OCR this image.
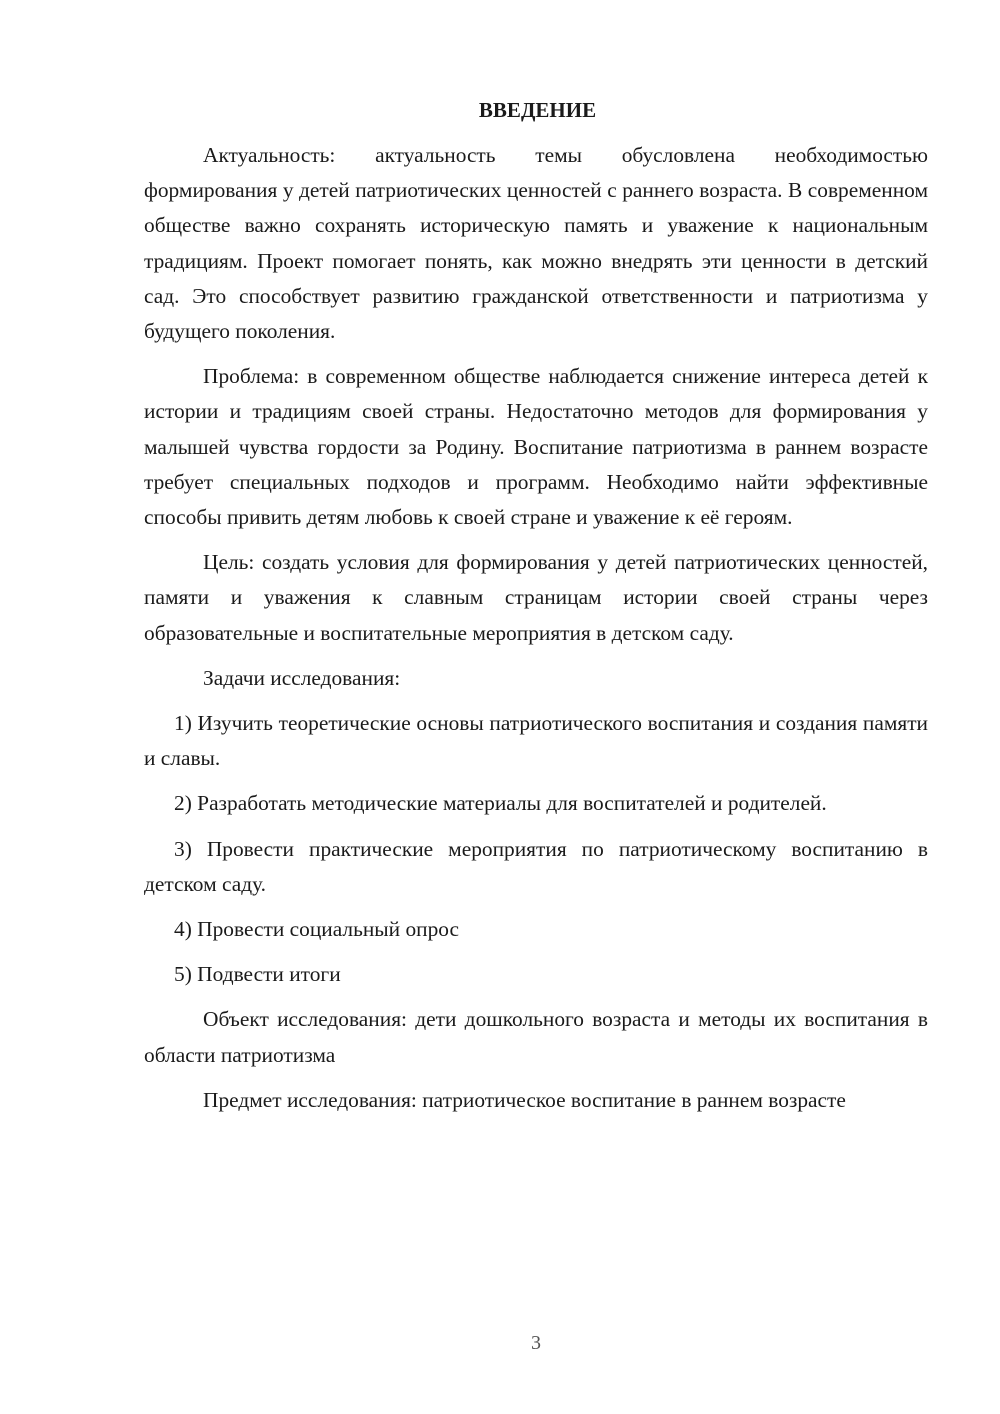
ВВЕДЕНИЕ

Актуальность: актуальность темы обусловлена необходимостью формирования у детей патриотических ценностей с раннего возраста. В современном обществе важно сохранять историческую память и уважение к национальным традициям. Проект помогает понять, как можно внедрять эти ценности в детский сад. Это способствует развитию гражданской ответственности и патриотизма у будущего поколения.

Проблема: в современном обществе наблюдается снижение интереса детей к истории и традициям своей страны. Недостаточно методов для формирования у малышей чувства гордости за Родину. Воспитание патриотизма в раннем возрасте требует специальных подходов и программ. Необходимо найти эффективные способы привить детям любовь к своей стране и уважение к её героям.

Цель: создать условия для формирования у детей патриотических ценностей, памяти и уважения к славным страницам истории своей страны через образовательные и воспитательные мероприятия в детском саду.

Задачи исследования:

1) Изучить теоретические основы патриотического воспитания и создания памяти и славы.

2) Разработать методические материалы для воспитателей и родителей.

3) Провести практические мероприятия по патриотическому воспитанию в детском саду.

4) Провести социальный опрос

5) Подвести итоги

Объект исследования: дети дошкольного возраста и методы их воспитания в области патриотизма

Предмет исследования: патриотическое воспитание в раннем возрасте

3
